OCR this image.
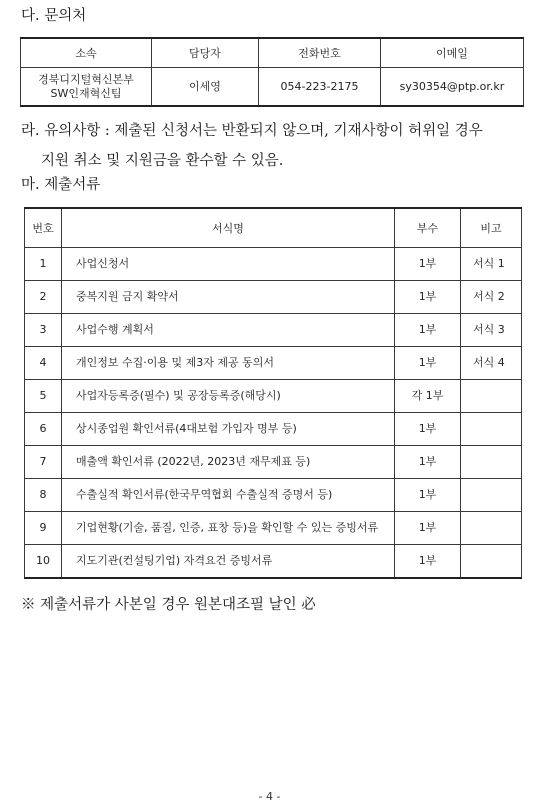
다. 문의처
소속	담당자	전화번호	이메일
경북디지털혁신본부
SW인재혁신팀	이세영	054-223-2175	sy30354@ptp.or.kr
라. 유의사항 : 제출된 신청서는 반환되지 않으며, 기재사항이 허위일 경우
지원 취소 및 지원금을 환수할 수 있음.
마. 제출서류
번호	서식명	부수	비고
1	사업신청서	1부	서식 1
2	중복지원 금지 확약서	1부	서식 2
3	사업수행 계획서	1부	서식 3
4	개인정보 수집·이용 및 제3자 제공 동의서	1부	서식 4
5	사업자등록증(필수) 및 공장등록증(해당시)	각 1부	
6	상시종업원 확인서류(4대보험 가입자 명부 등)	1부	
7	매출액 확인서류 (2022년, 2023년 재무제표 등)	1부	
8	수출실적 확인서류(한국무역협회 수출실적 증명서 등)	1부	
9	기업현황(기술, 품질, 인증, 표창 등)을 확인할 수 있는 증빙서류	1부	
10	지도기관(컨설팅기업) 자격요건 증빙서류	1부	
※ 제출서류가 사본일 경우 원본대조필 날인 必
- 4 -
